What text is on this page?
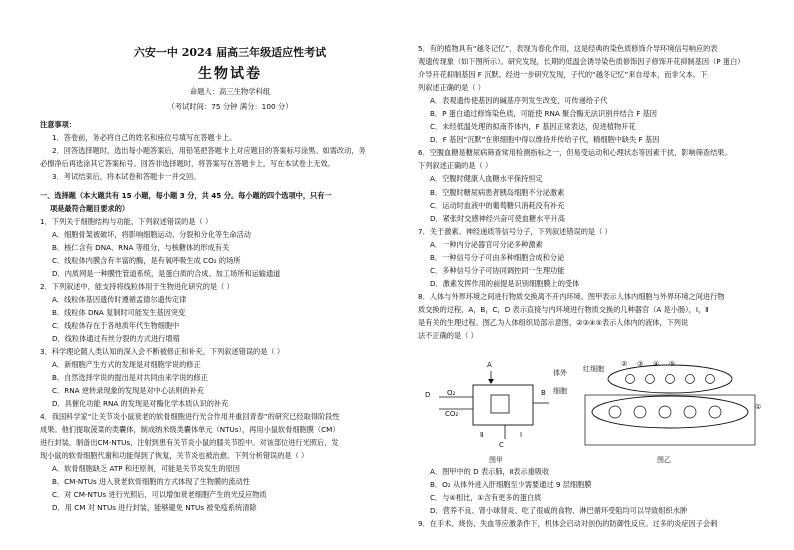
六安一中 2024 届高三年级适应性考试
生物试卷
命题人：高三生物学科组
（考试时间：75 分钟 满分：100 分）

注意事项：

1．答卷前，务必将自己的姓名和座位号填写在答题卡上。

2．回答选择题时，选出每小题答案后，用铅笔把答题卡上对应题目的答案标号涂黑。如需改动，务

必擦净后再选涂其它答案标号。回答非选择题时，将答案写在答题卡上，写在本试卷上无效。

3．考试结束后，将本试卷和答题卡一并交回。

一、选择题（本大题共有 15 小题，每小题 3 分，共 45 分。每小题的四个选项中，只有一

项是最符合题目要求的）

1．下列关于细胞结构与功能，下列叙述错误的是（ ）

A．细胞骨架被破坏，将影响细胞运动、分裂和分化等生命活动

B．核仁含有 DNA、RNA 等组分，与核糖体的形成有关

C．线粒体内膜含有丰富的酶，是有氧呼吸生成 CO₂ 的场所

D．内质网是一种膜性管道系统，是蛋白质的合成、加工场所和运输通道

2．下列叙述中，能支持将线粒体用于生物进化研究的是（ ）

A．线粒体基因遗传时遵循孟德尔遗传定律

B．线粒体 DNA 复制时可能发生基因突变

C．线粒体存在于各地质年代生物细胞中

D．线粒体通过有丝分裂的方式进行增殖

3．科学理论随人类认知的深入会不断被修正和补充，下列叙述错误的是（ ）

A．新细胞产生方式的发现是对细胞学说的修正

B．自然选择学说的提出是对共同由来学说的修正

C．RNA 逆转录现象的发现是对中心法则的补充

D．具催化功能 RNA 的发现是对酶化学本质认识的补充

4．我国科学家“让关节炎小鼠衰老的软骨细胞进行光合作用并重回青春”的研究已经取得阶段性

成果。他们提取菠菜的类囊体，制成纳米级类囊体单元（NTUs），再用小鼠软骨细胞膜（CM）

进行封装，制备出CM-NTUs，注射到患有关节炎小鼠的膝关节腔中。对该部位进行光照后，发

现小鼠的软骨细胞代谢和功能得到了恢复，关节炎也被治愈。下列分析错误的是（ ）

A．软骨细胞缺乏 ATP 和还原剂，可能是关节炎发生的原因

B．CM-NTUs 进入衰老软骨细胞的方式体现了生物膜的流动性

C．对 CM-NTUs 进行光照后，可以增加衰老细胞产生的光反应物质

D．用 CM 对 NTUs 进行封装，能够避免 NTUs 被免疫系统清除

5．有的植物具有“越冬记忆”，表现为春化作用，这是经典的染色质修饰介导环境信号响应的表

观遗传现象（如下图所示）。研究发现，长期的低温会诱导染色质修饰因子修饰开花抑制基因（P 蛋白）

介导开花抑制基因 F 沉默。经进一步研究发现，子代的“越冬记忆”来自母本，而非父本。下

列叙述正确的是（ ）

A．表观遗传使基因的碱基序列发生改变，可传递给子代

B．P 蛋白通过修饰染色质，可能使 RNA 聚合酶无法识别并结合 F 基因

C．未经低温处理的拟南芥体内，F 基因正常表达，促进植物开花

D．F 基因“沉默”在卵细胞中得以维持并传给子代，精细胞中缺失 F 基因

6．空腹血糖是糖尿病筛查常用检测指标之一，但易受运动和心理状态等因素干扰，影响筛查结果。

下列叙述正确的是（ ）

A．空腹时健康人血糖水平保持恒定

B．空腹时糖尿病患者胰岛细胞不分泌激素

C．运动时血液中的葡萄糖只消耗没有补充

D．紧张时交感神经兴奋可使血糖水平升高

7．关于激素、神经递质等信号分子，下列叙述错误的是（ ）

A．一种内分泌器官可分泌多种激素

B．一种信号分子可由多种细胞合成和分泌

C．多种信号分子可协同调控同一生理功能

D．激素发挥作用的前提是识别细胞膜上的受体

8．人体与外界环境之间进行物质交换离不开内环境。图甲表示人体内细胞与外界环境之间进行物

质交换的过程，A，B，C，D 表示直接与内环境进行物质交换的几种器官（A 是小肠），Ⅰ，Ⅱ

是有关的生理过程。图乙为人体组织局部示意图，②③④⑤表示人体内的液体，下列说

法不正确的是（ ）

A
O₂
CO₂
D	B
体外
细胞
C
Ⅰ
Ⅱ
图甲
红细胞
② ③ ④ ⑤
①
图乙

A．图甲中的 D 表示肺，Ⅱ表示重吸收

B．O₂ 从体外进入肝细胞至少需要通过 9 层细胞膜

C．与④相比，①含有更多的蛋白质

D．营养不良、肾小球肾炎、吃了很咸的食物、淋巴循环受阻均可以导致组织水肿

9．在手术、烧伤、失血等应激条件下，机体会启动对创伤的防御性反应。过多的炎症因子会刺
